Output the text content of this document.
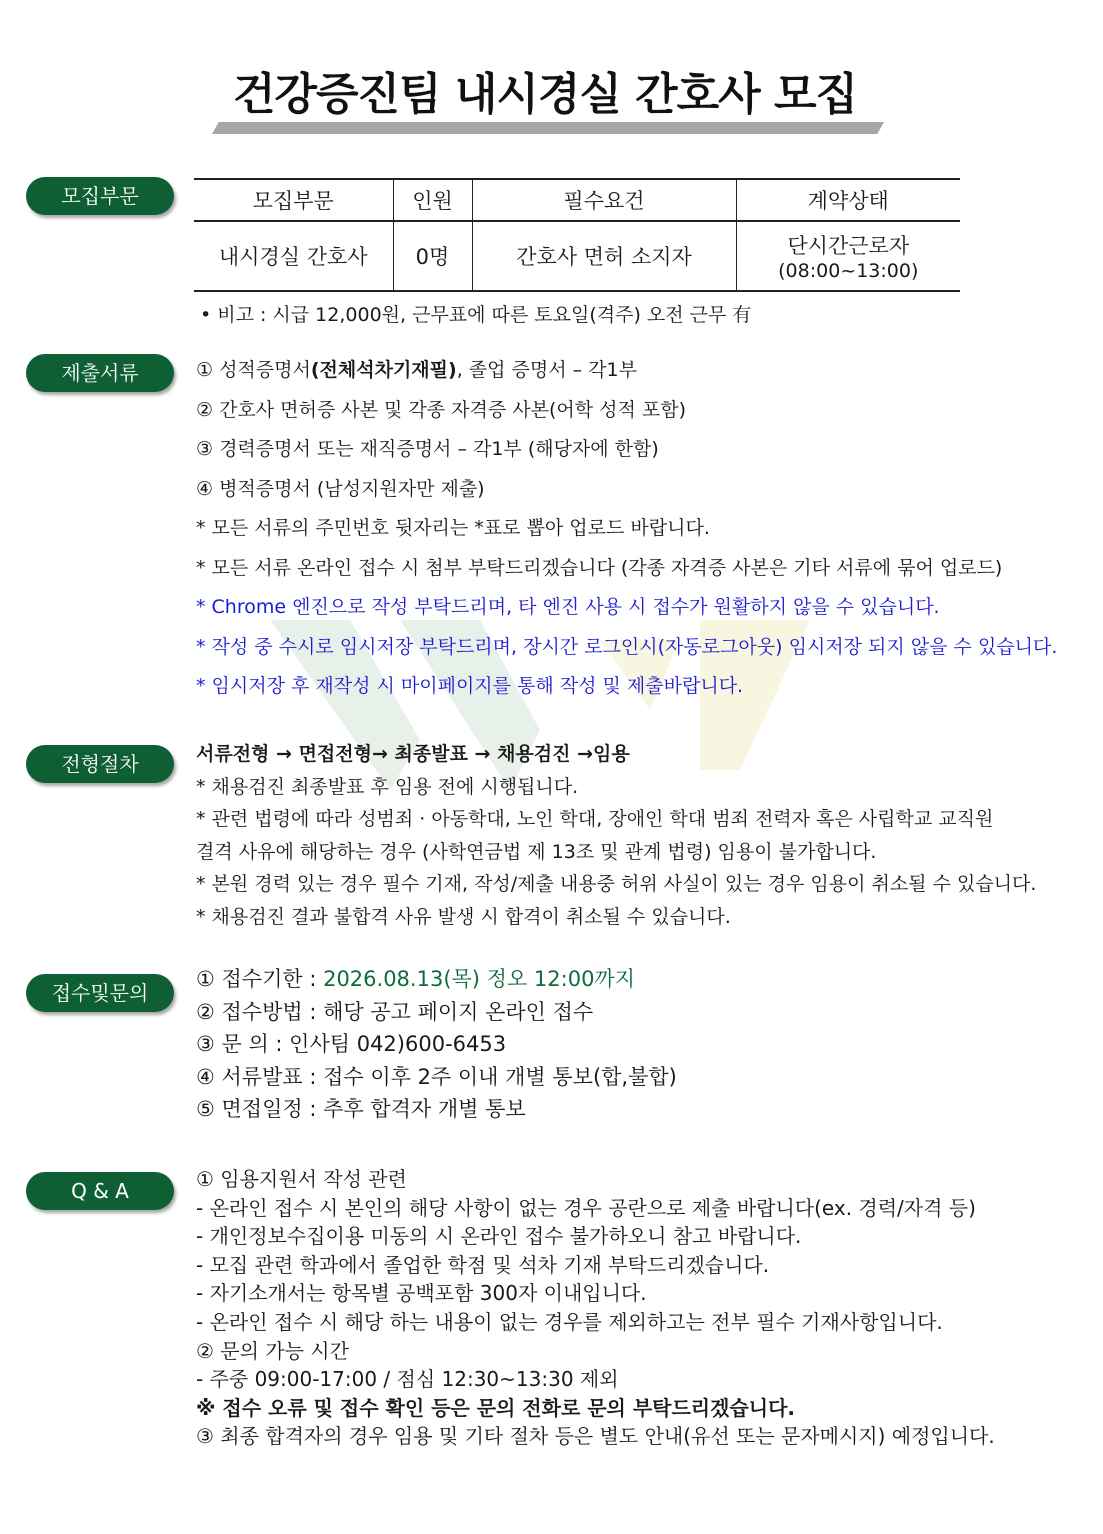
건강증진팀 내시경실 간호사 모집
모집부문	모집부문	인원	필수요건	계약상태
내시경실 간호사	0명	간호사 면허 소지자	단시간근로자
(08:00~13:00)
• 비고 : 시급 12,000원, 근무표에 따른 토요일(격주) 오전 근무 有
제출서류	① 성적증명서(전체석차기재필), 졸업 증명서 – 각1부
② 간호사 면허증 사본 및 각종 자격증 사본(어학 성적 포함)
③ 경력증명서 또는 재직증명서 – 각1부 (해당자에 한함)
④ 병적증명서 (남성지원자만 제출)
* 모든 서류의 주민번호 뒷자리는 *표로 뽑아 업로드 바랍니다.
* 모든 서류 온라인 접수 시 첨부 부탁드리겠습니다 (각종 자격증 사본은 기타 서류에 묶어 업로드)
* Chrome 엔진으로 작성 부탁드리며, 타 엔진 사용 시 접수가 원활하지 않을 수 있습니다.
* 작성 중 수시로 임시저장 부탁드리며, 장시간 로그인시(자동로그아웃) 임시저장 되지 않을 수 있습니다.
* 임시저장 후 재작성 시 마이페이지를 통해 작성 및 제출바랍니다.
전형절차	서류전형 → 면접전형→ 최종발표 → 채용검진 →임용
* 채용검진 최종발표 후 임용 전에 시행됩니다.
* 관련 법령에 따라 성범죄 · 아동학대, 노인 학대, 장애인 학대 범죄 전력자 혹은 사립학교 교직원
결격 사유에 해당하는 경우 (사학연금법 제 13조 및 관계 법령) 임용이 불가합니다.
* 본원 경력 있는 경우 필수 기재, 작성/제출 내용중 허위 사실이 있는 경우 임용이 취소될 수 있습니다.
* 채용검진 결과 불합격 사유 발생 시 합격이 취소될 수 있습니다.
접수및문의
① 접수기한 : 2026.08.13(목) 정오 12:00까지
② 접수방법 : 해당 공고 페이지 온라인 접수
③ 문 의 : 인사팀 042)600-6453
④ 서류발표 : 접수 이후 2주 이내 개별 통보(합,불합)
⑤ 면접일정 : 추후 합격자 개별 통보
Q & A	① 임용지원서 작성 관련
- 온라인 접수 시 본인의 해당 사항이 없는 경우 공란으로 제출 바랍니다(ex. 경력/자격 등)
- 개인정보수집이용 미동의 시 온라인 접수 불가하오니 참고 바랍니다.
- 모집 관련 학과에서 졸업한 학점 및 석차 기재 부탁드리겠습니다.
- 자기소개서는 항목별 공백포함 300자 이내입니다.
- 온라인 접수 시 해당 하는 내용이 없는 경우를 제외하고는 전부 필수 기재사항입니다.
② 문의 가능 시간
- 주중 09:00-17:00 / 점심 12:30~13:30 제외
※ 접수 오류 및 접수 확인 등은 문의 전화로 문의 부탁드리겠습니다.
③ 최종 합격자의 경우 임용 및 기타 절차 등은 별도 안내(유선 또는 문자메시지) 예정입니다.
